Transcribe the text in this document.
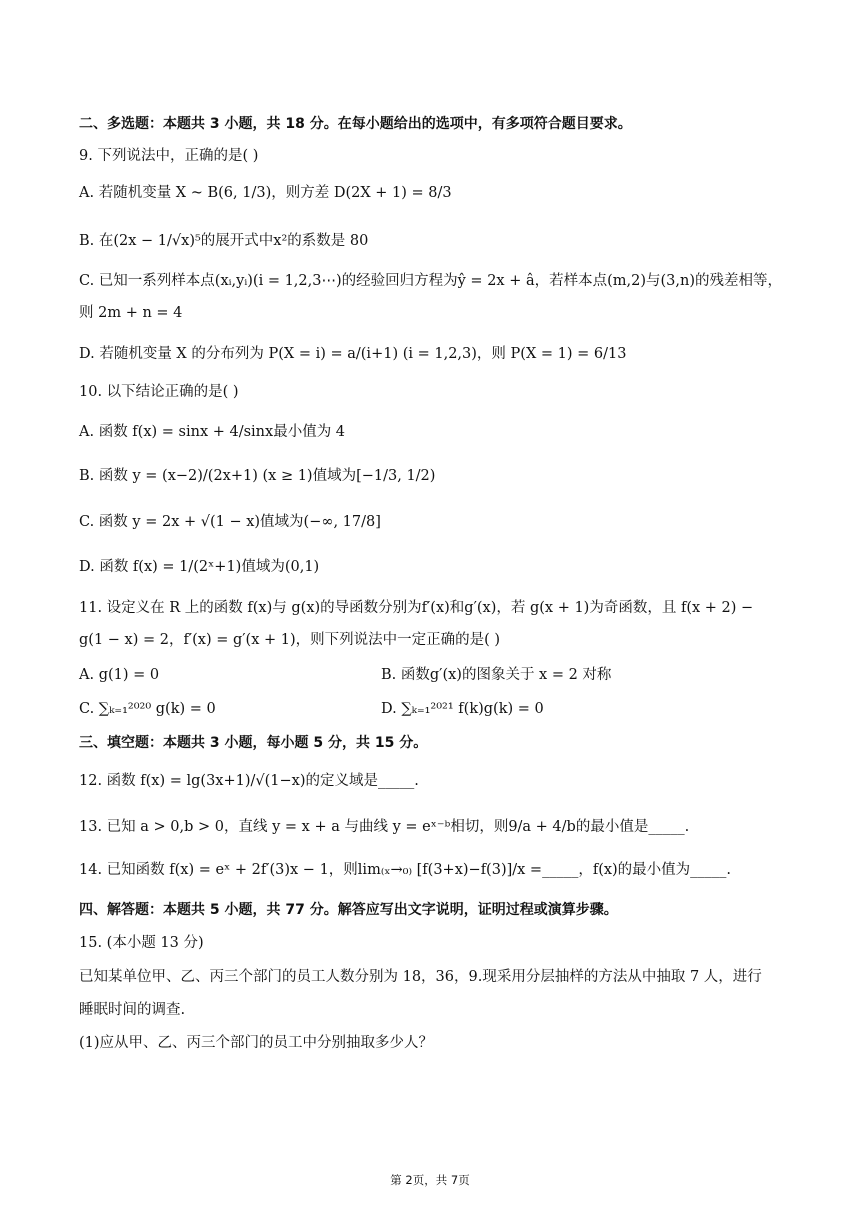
二、多选题：本题共 3 小题，共 18 分。在每小题给出的选项中，有多项符合题目要求。
9. 下列说法中，正确的是( )
A. 若随机变量 X ~ B(6, 1/3)，则方差 D(2X + 1) = 8/3
B. 在(2x − 1/√x)⁵的展开式中x²的系数是 80
C. 已知一系列样本点(xᵢ,yᵢ)(i = 1,2,3⋯)的经验回归方程为ŷ = 2x + â，若样本点(m,2)与(3,n)的残差相等，
则 2m + n = 4
D. 若随机变量 X 的分布列为 P(X = i) = a/(i+1) (i = 1,2,3)，则 P(X = 1) = 6/13
10. 以下结论正确的是( )
A. 函数 f(x) = sinx + 4/sinx最小值为 4
B. 函数 y = (x−2)/(2x+1) (x ≥ 1)值域为[−1/3, 1/2)
C. 函数 y = 2x + √(1 − x)值域为(−∞, 17/8]
D. 函数 f(x) = 1/(2ˣ+1)值域为(0,1)
11. 设定义在 R 上的函数 f(x)与 g(x)的导函数分别为f′(x)和g′(x)，若 g(x + 1)为奇函数，且 f(x + 2) −
g(1 − x) = 2，f′(x) = g′(x + 1)，则下列说法中一定正确的是( )
A. g(1) = 0	B. 函数g′(x)的图象关于 x = 2 对称
C. ∑ₖ₌₁²⁰²⁰ g(k) = 0	D. ∑ₖ₌₁²⁰²¹ f(k)g(k) = 0
三、填空题：本题共 3 小题，每小题 5 分，共 15 分。
12. 函数 f(x) = lg(3x+1)/√(1−x)的定义域是_____.
13. 已知 a > 0,b > 0，直线 y = x + a 与曲线 y = eˣ⁻ᵇ相切，则9/a + 4/b的最小值是_____.
14. 已知函数 f(x) = eˣ + 2f′(3)x − 1，则lim₍ₓ→₀₎ [f(3+x)−f(3)]/x =_____，f(x)的最小值为_____.
四、解答题：本题共 5 小题，共 77 分。解答应写出文字说明，证明过程或演算步骤。
15. (本小题 13 分)
已知某单位甲、乙、丙三个部门的员工人数分别为 18，36，9.现采用分层抽样的方法从中抽取 7 人，进行
睡眠时间的调查.
(1)应从甲、乙、丙三个部门的员工中分别抽取多少人？
第 2页，共 7页
